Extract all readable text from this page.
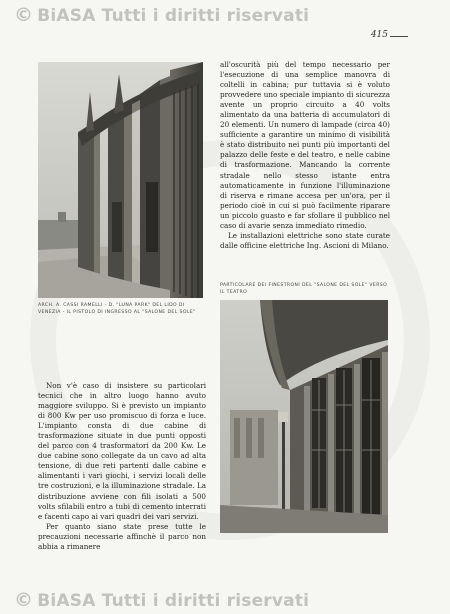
© BiASA Tutti i diritti riservati
415
ARCH. A. CASSI RAMELLI - D. "LUNA PARK" DEL LIDO DI VENEZIA - IL PISTOLO DI INGRESSO AL "SALONE DEL SOLE"
PARTICOLARE DEI FINESTRONI DEL "SALONE DEL SOLE" VERSO IL TEATRO

all'oscurità più del tempo necessario per l'esecuzione di una semplice manovra di coltelli in cabina; pur tuttavia si è voluto provvedere uno speciale impianto di sicurezza avente un proprio circuito a 40 volts alimentato da una batteria di accumulatori di 20 elementi. Un numero di lampade (circa 40) sufficiente a garantire un minimo di visibilità è stato distribuito nei punti più importanti del palazzo delle feste e del teatro, e nelle cabine di trasformazione. Mancando la corrente stradale nello stesso istante entra automaticamente in funzione l'illuminazione di riserva e rimane accesa per un'ora, per il periodo cioè in cui si può facilmente riparare un piccolo guasto e far sfollare il pubblico nel caso di avarie senza immediato rimedio.

Le installazioni elettriche sono state curate dalle officine elettriche Ing. Ascioni di Milano.

Non v'è caso di insistere su particolari tecnici che in altro luogo hanno avuto maggiore sviluppo. Si è previsto un impianto di 800 Kw per uso promiscuo di forza e luce. L'impianto consta di due cabine di trasformazione situate in due punti opposti del parco con 4 trasformatori da 200 Kw. Le due cabine sono collegate da un cavo ad alta tensione, di due reti partenti dalle cabine e alimentanti i vari giochi, i servizi locali delle tre costruzioni, e la illuminazione stradale. La distribuzione avviene con fili isolati a 500 volts sfilabili entro a tubi di cemento interrati e facenti capo ai vari quadri dei vari servizi.

Per quanto siano state prese tutte le precauzioni necessarie affinchè il parco non abbia a rimanere

© BiASA Tutti i diritti riservati
